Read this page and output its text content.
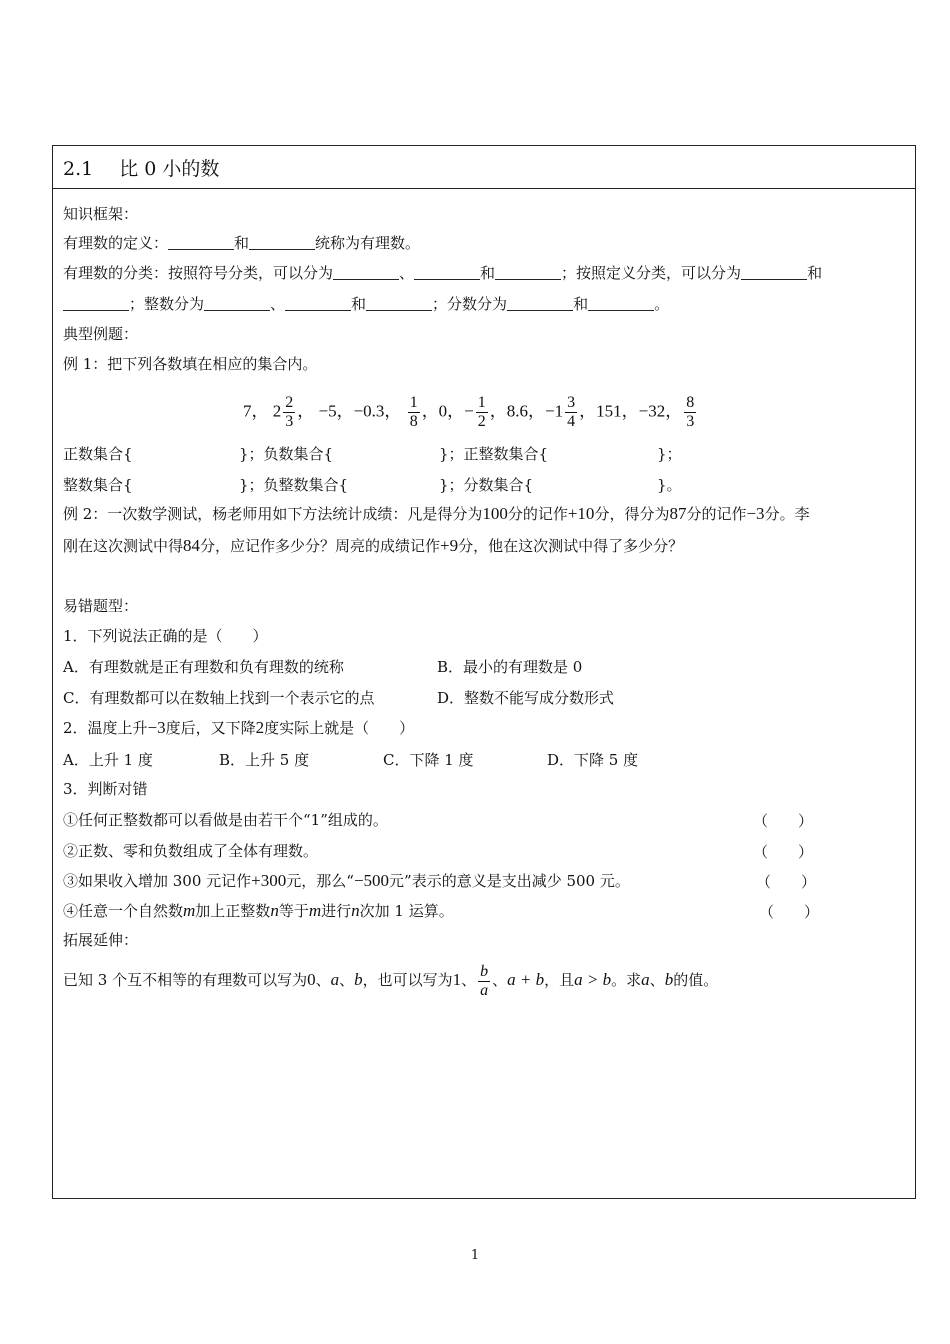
2.1 比 0 小的数
知识框架：
有理数的定义：	和	统称为有理数。
有理数的分类：按照符号分类，可以分为	、	和	；按照定义分类，可以分为	和
；整数分为	、	和	；分数分为	和	。
典型例题：
例 1：把下列各数填在相应的集合内。
7， $2 \frac{2}{3}$ ， −5，−0.3， $\frac{1}{8}$ ，0，− $\frac{1}{2}$ ，8.6，$-1 \frac{3}{4}$ ，151，−32， $\frac{8}{3}$
正数集合{	}；负数集合{	}；正整数集合{	}；
整数集合{	}；负整数集合{	}；分数集合{	}。
例 2：一次数学测试，杨老师用如下方法统计成绩：凡是得分为100分的记作+10分，得分为87分的记作−3分。李
刚在这次测试中得84分，应记作多少分？周亮的成绩记作+9分，他在这次测试中得了多少分？
易错题型：
1．下列说法正确的是（　　）
A．有理数就是正有理数和负有理数的统称	B．最小的有理数是 0
C．有理数都可以在数轴上找到一个表示它的点	D．整数不能写成分数形式
2．温度上升−3度后，又下降2度实际上就是（　　）
A．上升 1 度	B．上升 5 度	C．下降 1 度	D．下降 5 度
3．判断对错
①任何正整数都可以看做是由若干个“1”组成的。	（　　）
②正数、零和负数组成了全体有理数。	（　　）
③如果收入增加 300 元记作+300元，那么“−500元”表示的意义是支出减少 500 元。	（　　）
④任意一个自然数m加上正整数n等于m进行n次加 1 运算。	（　　）
拓展延伸：
已知 3 个互不相等的有理数可以写为0、a、b，也可以写为1、 $\frac{b}{a}$ 、a + b，且a > b。求a、b的值。
1
